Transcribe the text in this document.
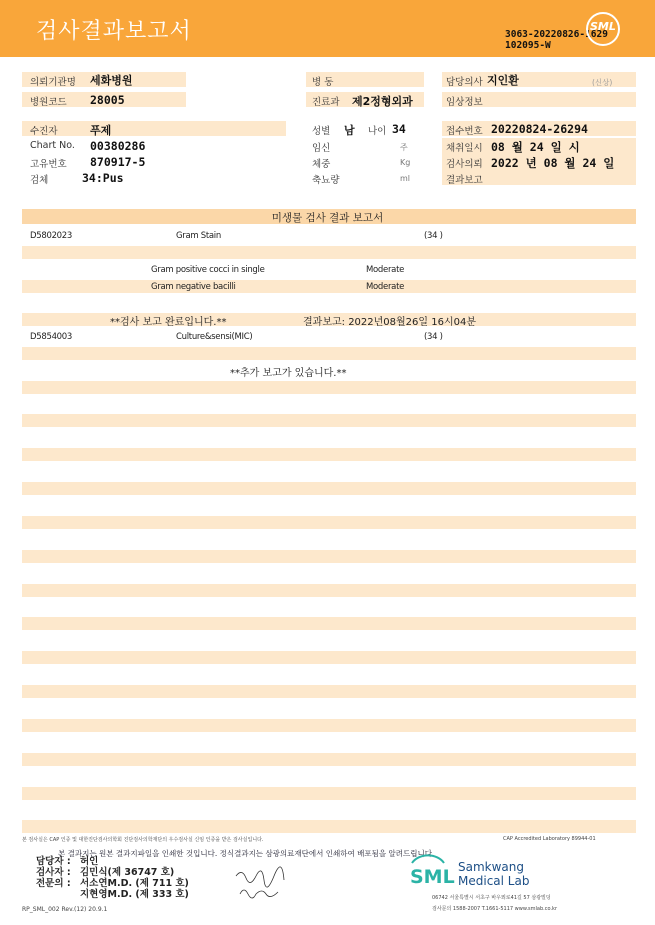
검사결과보고서	3063-20220826-1629
102095-W
SML
의뢰기관명 세화병원
병원코드 28005
병 동
진료과 제2정형외과
담당의사 지인환	(신상)
임상정보
수진자	푸제
Chart No. 00380286
고유번호 870917-5
검체	34:Pus
성별 남 나이 34
임신	주
체중	Kg
축뇨량	ml
접수번호 20220824-26294
채취일시 08 월 24 일 시
검사의뢰 2022 년 08 월 24 일
결과보고
미생물 검사 결과 보고서
D5802023	Gram Stain	(34 )
Gram positive cocci in single	Moderate
Gram negative bacilli	Moderate
**검사 보고 완료입니다.**	결과보고: 2022년08월26일 16시04분
D5854003	Culture&sensi(MIC)	(34 )
**추가 보고가 있습니다.**
본 검사실은 CAP 인증 및 대한진단검사의학회 진단검사의학재단의 우수검사실 신임 인증을 받은 검사실입니다.	CAP Accredited Laboratory 89944-01
본 결과지는 원본 결과지파일을 인쇄한 것입니다. 정식결과지는 삼광의료재단에서 인쇄하여 배포됨을 알려드립니다.
담당자 : 허인
검사자 : 김민식(제 36747 호)
전문의 : 서소연M.D. (제 711 호)
지현영M.D. (제 333 호)
RP_SML_002 Rev.(12) 20.9.1
SML Samkwang
Medical Lab
06742 서울특별시 서초구 바우뫼로41길 57 삼광빌딩
검사문의 1588-2007 T.1661-5117 www.smlab.co.kr
